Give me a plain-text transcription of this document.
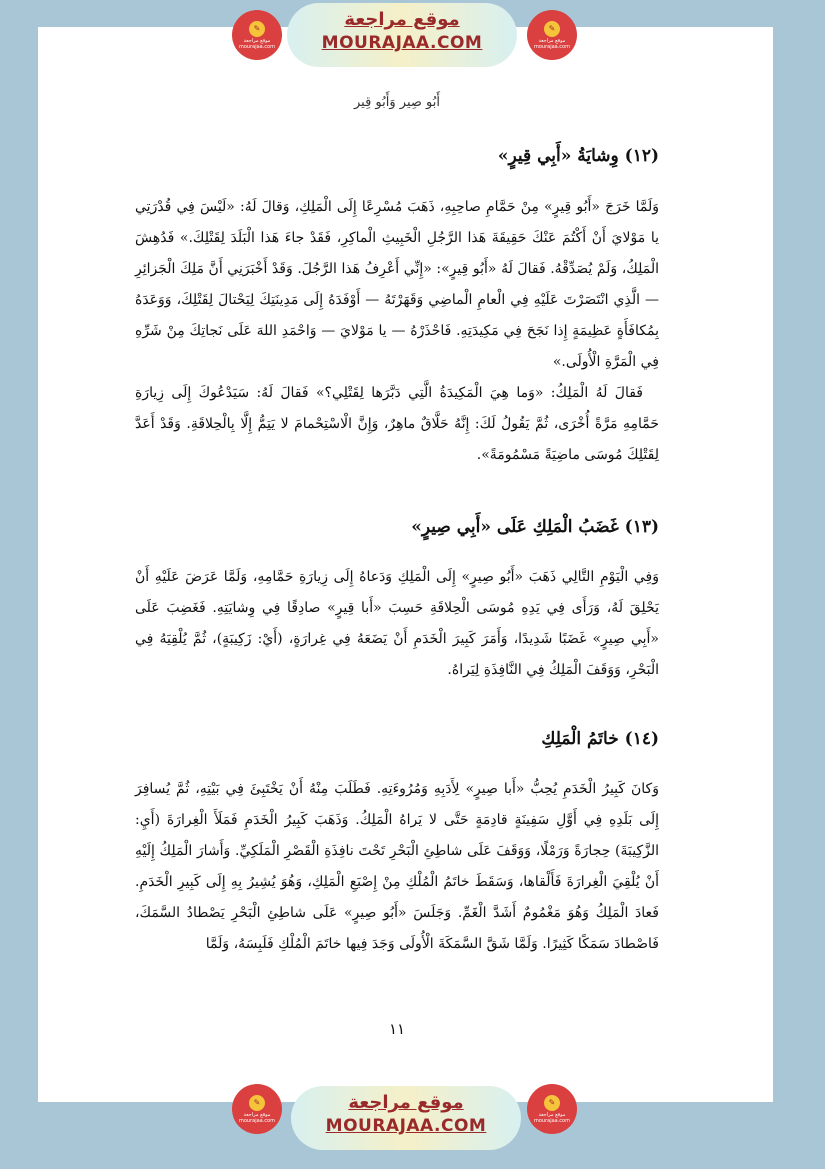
✎
موقع مراجعة mourajaa.com
موقع مراجعة
MOURAJAA.COM
✎
موقع مراجعة mourajaa.com
أَبُو صِير وَأَبُو قِير
(١٢) وِشايَةُ «أَبِي قِيرٍ»

وَلَمَّا خَرَجَ «أَبُو قِيرٍ» مِنْ حَمَّامِ صاحِبِهِ، ذَهَبَ مُسْرِعًا إِلَى الْمَلِكِ، وَقالَ لَهُ: «لَيْسَ فِي قُدْرَتِي يا مَوْلايَ أَنْ أَكْتُمَ عَنْكَ حَقِيقَةَ هَذا الرَّجُلِ الْخَبِيثِ الْماكِرِ، فَقَدْ جاءَ هَذا الْبَلَدَ لِقَتْلِكَ.» فَدُهِشَ الْمَلِكُ، وَلَمْ يُصَدِّقْهُ. فَقالَ لَهُ «أَبُو قِيرٍ»: «إِنِّي أَعْرِفُ هَذا الرَّجُلَ. وَقَدْ أَخْبَرَنِي أَنَّ مَلِكَ الْجَزائِرِ — الَّذِي انْتَصَرْتَ عَلَيْهِ فِي الْعامِ الْماضِي وَقَهَرْتَهُ — أَوْفَدَهُ إِلَى مَدِينَتِكَ لِيَحْتالَ لِقَتْلِكَ، وَوَعَدَهُ بِمُكافَأَةٍ عَظِيمَةٍ إِذا نَجَحَ فِي مَكِيدَتِهِ. فَاحْذَرْهُ — يا مَوْلايَ — وَاحْمَدِ اللهَ عَلَى نَجاتِكَ مِنْ شَرِّهِ فِي الْمَرَّةِ الْأُولَى.»

فَقالَ لَهُ الْمَلِكُ: «وَما هِيَ الْمَكِيدَةُ الَّتِي دَبَّرَها لِقَتْلِي؟» فَقالَ لَهُ: سَيَدْعُوكَ إِلَى زِيارَةِ حَمَّامِهِ مَرَّةً أُخْرَى، ثُمَّ يَقُولُ لَكَ: إِنَّهُ حَلَّاقٌ ماهِرٌ، وَإِنَّ الْاسْتِحْمامَ لا يَتِمُّ إِلَّا بِالْحِلاقَةِ. وَقَدْ أَعَدَّ لِقَتْلِكَ مُوسَى ماضِيَةً مَسْمُومَةً».

(١٣) غَضَبُ الْمَلِكِ عَلَى «أَبِي صِيرٍ»

وَفِي الْيَوْمِ التَّالِي ذَهَبَ «أَبُو صِيرٍ» إِلَى الْمَلِكِ وَدَعاهُ إِلَى زِيارَةِ حَمَّامِهِ، وَلَمَّا عَرَضَ عَلَيْهِ أَنْ يَحْلِقَ لَهُ، وَرَأَى فِي يَدِهِ مُوسَى الْحِلاقَةِ حَسِبَ «أَبا قِيرٍ» صادِقًا فِي وِشايَتِهِ. فَغَضِبَ عَلَى «أَبِي صِيرٍ» غَضَبًا شَدِيدًا، وَأَمَرَ كَبِيرَ الْخَدَمِ أَنْ يَضَعَهُ فِي غِرارَةٍ، (أَيْ: زَكِيبَةٍ)، ثُمَّ يُلْقِيَهُ فِي الْبَحْرِ، وَوَقَفَ الْمَلِكُ فِي النَّافِذَةِ لِيَراهُ.

(١٤) خاتَمُ الْمَلِكِ

وَكانَ كَبِيرُ الْخَدَمِ يُحِبُّ «أَبا صِيرٍ» لِأَدَبِهِ وَمُرُوءَتِهِ. فَطَلَبَ مِنْهُ أَنْ يَخْتَبِئَ فِي بَيْتِهِ، ثُمَّ يُسافِرَ إِلَى بَلَدِهِ فِي أَوَّلِ سَفِينَةٍ قادِمَةٍ حَتَّى لا يَراهُ الْمَلِكُ. وَذَهَبَ كَبِيرُ الْخَدَمِ فَمَلَأَ الْغِرارَةَ (أَيِ: الزَّكِيبَةَ) حِجارَةً وَرَمْلًا، وَوَقَفَ عَلَى شاطِئِ الْبَحْرِ تَحْتَ نافِذَةِ الْقَصْرِ الْمَلَكِيِّ. وَأَشارَ الْمَلِكُ إِلَيْهِ أَنْ يُلْقِيَ الْغِرارَةَ فَأَلْقاها، وَسَقَطَ خاتَمُ الْمُلْكِ مِنْ إِصْبَعِ الْمَلِكِ، وَهُوَ يُشِيرُ بِهِ إِلَى كَبِيرِ الْخَدَمِ. فَعادَ الْمَلِكُ وَهُوَ مَغْمُومٌ أَشَدَّ الْغَمِّ. وَجَلَسَ «أَبُو صِيرٍ» عَلَى شاطِئِ الْبَحْرِ يَصْطادُ السَّمَكَ، فَاصْطادَ سَمَكًا كَثِيرًا. وَلَمَّا شَقَّ السَّمَكَةَ الْأُولَى وَجَدَ فِيها خاتَمَ الْمُلْكِ فَلَبِسَهُ، وَلَمَّا

١١
✎
موقع مراجعة mourajaa.com
موقع مراجعة
MOURAJAA.COM
✎
موقع مراجعة mourajaa.com
